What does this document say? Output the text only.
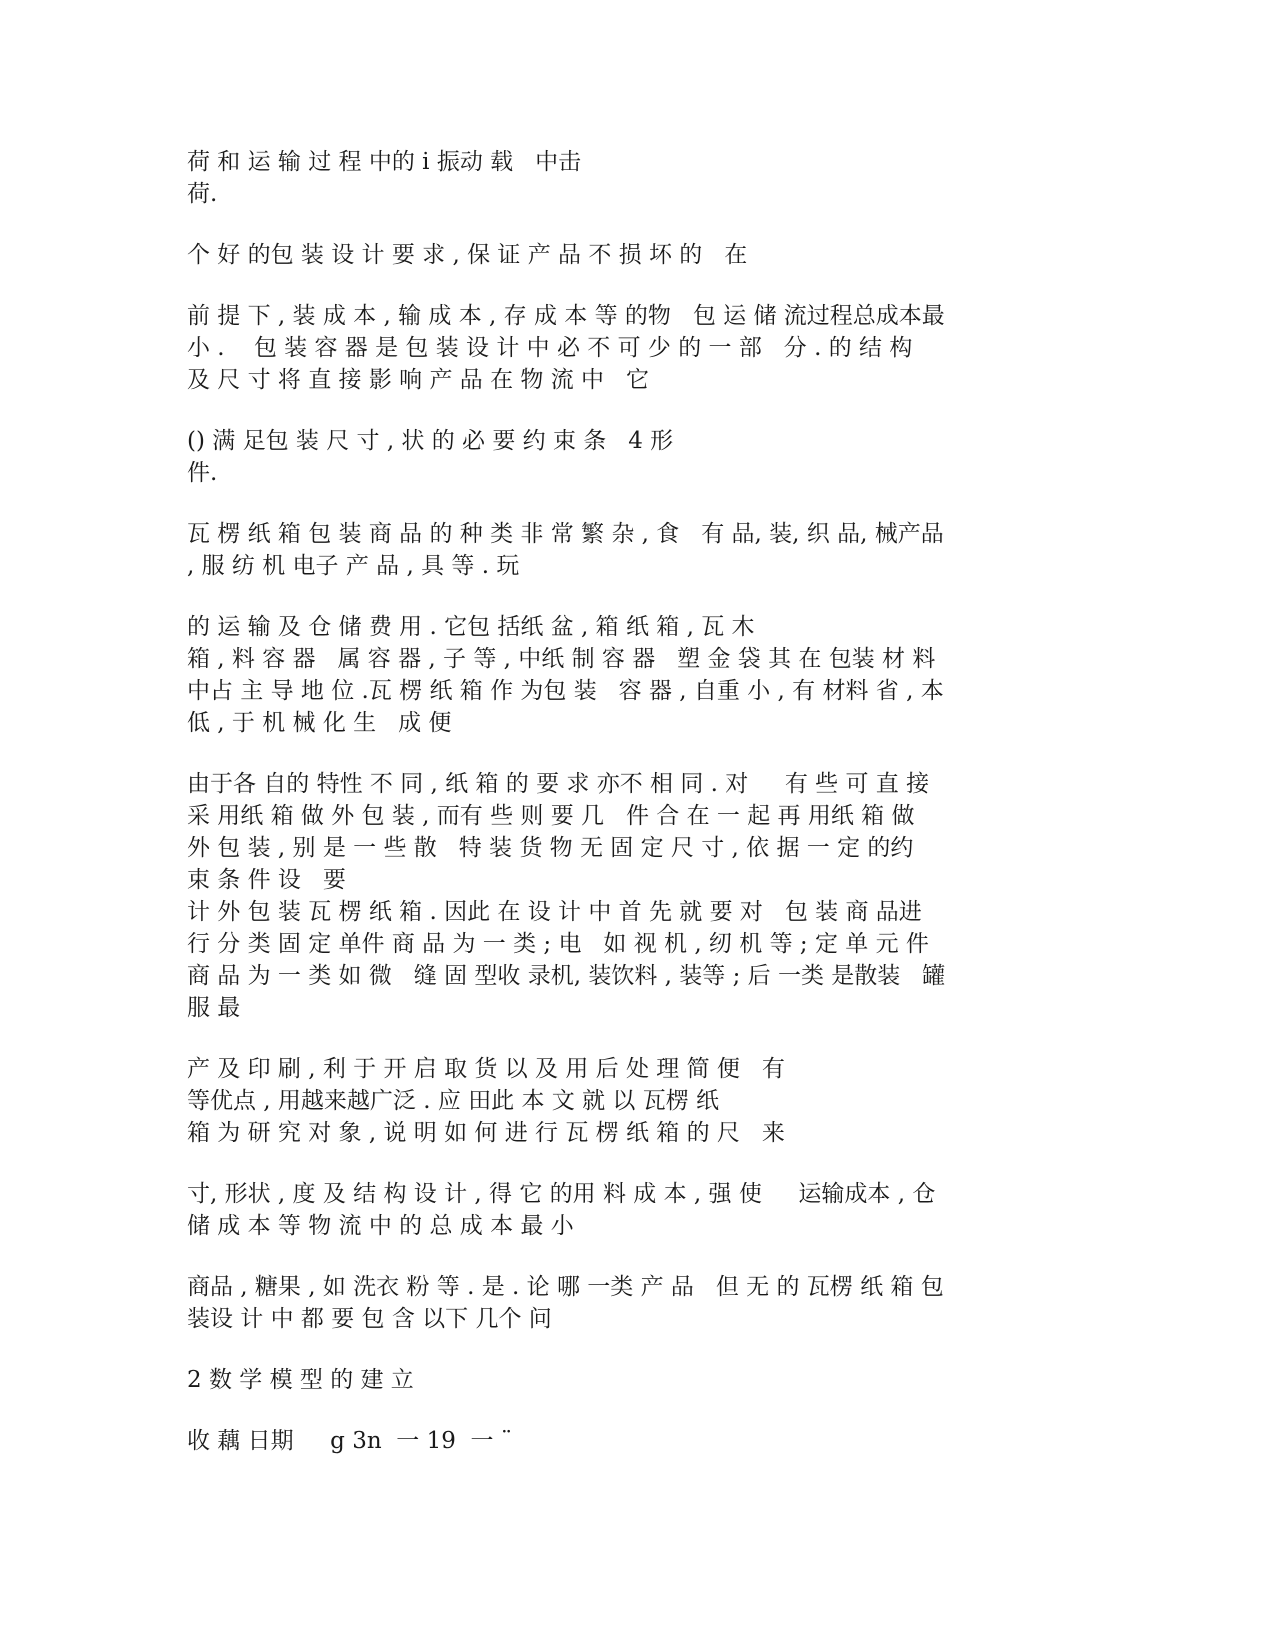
荷 和 运 输 过 程 中的 i 振动 载   中击
荷.

个 好 的包 装 设 计 要 求 , 保 证 产 品 不 损 坏 的   在

前 提 下 , 装 成 本 , 输 成 本 , 存 成 本 等 的物   包 运 储 流过程总成本最
小 .    包 装 容 器 是 包 装 设 计 中 必 不 可 少 的 一 部   分 . 的 结 构
及 尺 寸 将 直 接 影 响 产 品 在 物 流 中   它

() 满 足包 装 尺 寸 , 状 的 必 要 约 束 条   4 形
件.

瓦 楞 纸 箱 包 装 商 品 的 种 类 非 常 繁 杂 , 食   有 品, 装, 织 品, 械产品
, 服 纺 机 电子 产 品 , 具 等 . 玩

的 运 输 及 仓 储 费 用 . 它包 括纸 盆 , 箱 纸 箱 , 瓦 木
箱 , 料 容 器   属 容 器 , 子 等 , 中纸 制 容 器   塑 金 袋 其 在 包装 材 料
中占 主 导 地 位 .瓦 楞 纸 箱 作 为包 装   容 器 , 自重 小 , 有 材料 省 , 本
低 , 于 机 械 化 生   成 便

由于各 自的 特性 不 同 , 纸 箱 的 要 求 亦不 相 同 . 对     有 些 可 直 接
采 用纸 箱 做 外 包 装 , 而有 些 则 要 几   件 合 在 一 起 再 用纸 箱 做
外 包 装 , 别 是 一 些 散   特 装 货 物 无 固 定 尺 寸 , 依 据 一 定 的约
束 条 件 设   要
计 外 包 装 瓦 楞 纸 箱 . 因此 在 设 计 中 首 先 就 要 对   包 装 商 品进
行 分 类 固 定 单件 商 品 为 一 类 ; 电   如 视 机 , 纫 机 等 ; 定 单 元 件
商 品 为 一 类 如 微   缝 固 型收 录机, 装饮料 , 装等 ; 后 一类 是散装   罐
服 最

产 及 印 刷 , 利 于 开 启 取 货 以 及 用 后 处 理 简 便   有
等优点 , 用越来越广泛 . 应 田此 本 文 就 以 瓦楞 纸
箱 为 研 究 对 象 , 说 明 如 何 进 行 瓦 楞 纸 箱 的 尺   来

寸, 形状 , 度 及 结 构 设 计 , 得 它 的用 料 成 本 , 强 使     运输成本 , 仓
储 成 本 等 物 流 中 的 总 成 本 最 小

商品 , 糖果 , 如 洗衣 粉 等 . 是 . 论 哪 一类 产 品   但 无 的 瓦楞 纸 箱 包
装设 计 中 都 要 包 含 以下 几个 问

2 数 学 模 型 的 建 立

收 藕 日期     g 3n  一 19  一 ¨
